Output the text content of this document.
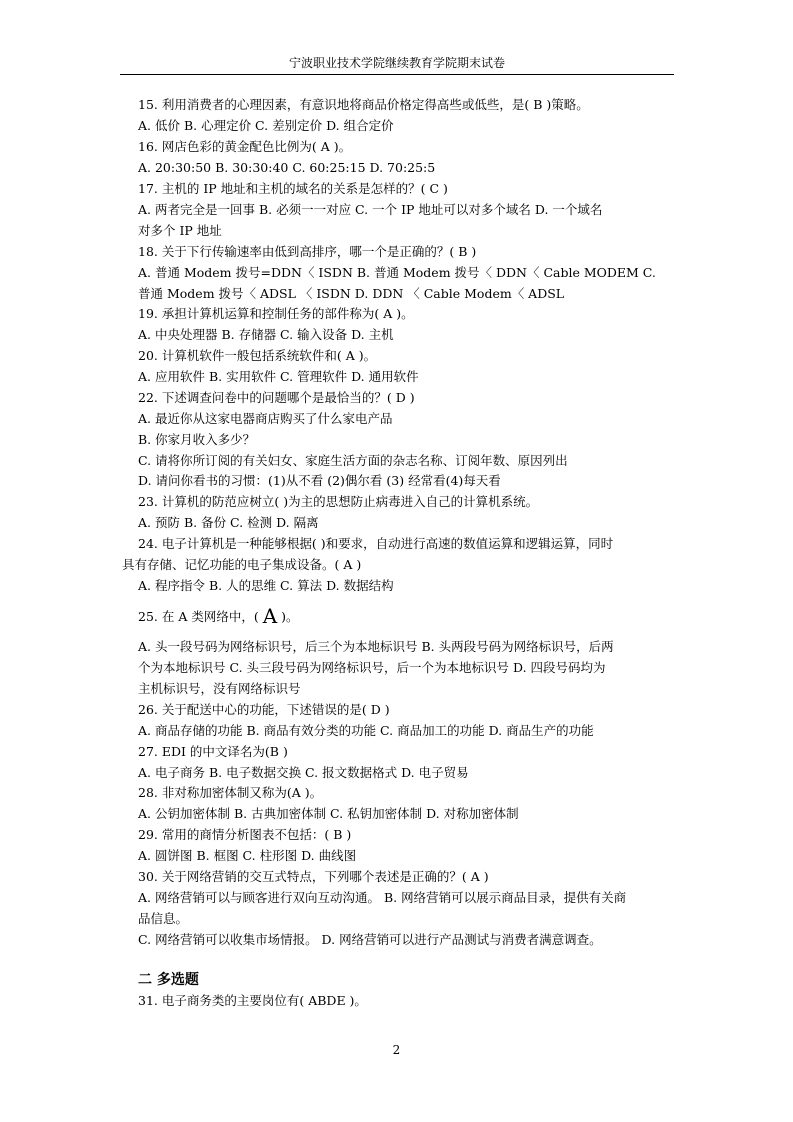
宁波职业技术学院继续教育学院期末试卷
15. 利用消费者的心理因素，有意识地将商品价格定得高些或低些，是( B )策略。
A. 低价 B. 心理定价 C. 差别定价 D. 组合定价
16. 网店色彩的黄金配色比例为( A )。
A. 20:30:50 B. 30:30:40 C. 60:25:15 D. 70:25:5
17. 主机的 IP 地址和主机的域名的关系是怎样的？( C )
A. 两者完全是一回事 B. 必须一一对应 C. 一个 IP 地址可以对多个域名 D. 一个域名
对多个 IP 地址
18. 关于下行传输速率由低到高排序，哪一个是正确的？( B )
A. 普通 Modem 拨号=DDN〈 ISDN B. 普通 Modem 拨号〈 DDN〈 Cable MODEM C.
普通 Modem 拨号〈 ADSL 〈 ISDN D. DDN 〈 Cable Modem〈 ADSL
19. 承担计算机运算和控制任务的部件称为( A )。
A. 中央处理器 B. 存储器 C. 输入设备 D. 主机
20. 计算机软件一般包括系统软件和( A )。
A. 应用软件 B. 实用软件 C. 管理软件 D. 通用软件
22. 下述调查问卷中的问题哪个是最恰当的？( D )
A. 最近你从这家电器商店购买了什么家电产品
B. 你家月收入多少？
C. 请将你所订阅的有关妇女、家庭生活方面的杂志名称、订阅年数、原因列出
D. 请问你看书的习惯：(1)从不看 (2)偶尔看 (3) 经常看(4)每天看
23. 计算机的防范应树立( )为主的思想防止病毒进入自己的计算机系统。
A. 预防 B. 备份 C. 检测 D. 隔离
24. 电子计算机是一种能够根据( )和要求，自动进行高速的数值运算和逻辑运算，同时
具有存储、记忆功能的电子集成设备。( A )
A. 程序指令 B. 人的思维 C. 算法 D. 数据结构
25. 在 A 类网络中，( A )。
A. 头一段号码为网络标识号，后三个为本地标识号 B. 头两段号码为网络标识号，后两
个为本地标识号 C. 头三段号码为网络标识号，后一个为本地标识号 D. 四段号码均为
主机标识号，没有网络标识号
26. 关于配送中心的功能，下述错误的是( D )
A. 商品存储的功能 B. 商品有效分类的功能 C. 商品加工的功能 D. 商品生产的功能
27. EDI 的中文译名为(B )
A. 电子商务 B. 电子数据交换 C. 报文数据格式 D. 电子贸易
28. 非对称加密体制又称为(A )。
A. 公钥加密体制 B. 古典加密体制 C. 私钥加密体制 D. 对称加密体制
29. 常用的商情分析图表不包括：( B )
A. 圆饼图 B. 框图 C. 柱形图 D. 曲线图
30. 关于网络营销的交互式特点，下列哪个表述是正确的？( A )
A. 网络营销可以与顾客进行双向互动沟通。 B. 网络营销可以展示商品目录，提供有关商
品信息。
C. 网络营销可以收集市场情报。 D. 网络营销可以进行产品测试与消费者满意调查。
二 多选题
31. 电子商务类的主要岗位有( ABDE )。
2
